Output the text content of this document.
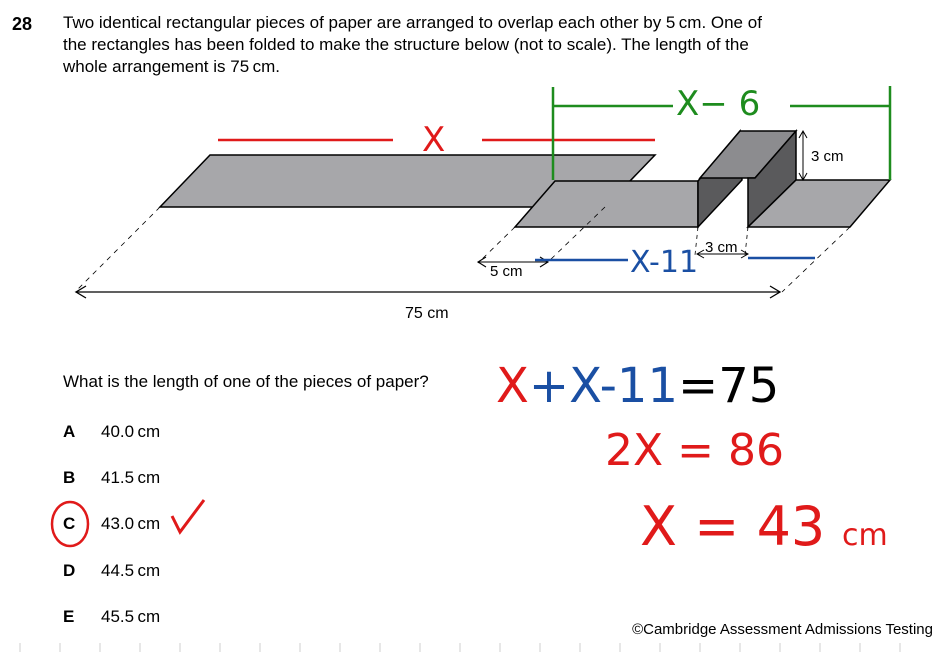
28 Two identical rectangular pieces of paper are arranged to overlap each other by 5 cm. One of
the rectangles has been folded to make the structure below (not to scale). The length of the
whole arrangement is 75 cm.
75 cm
5 cm
3 cm
3 cm
X
X− 6
X-11
X+X-11=75
2X = 86
X = 43 cm
What is the length of one of the pieces of paper?
A 40.0 cm
B 41.5 cm
C 43.0 cm
D 44.5 cm
E 45.5 cm
©Cambridge Assessment Admissions Testing
